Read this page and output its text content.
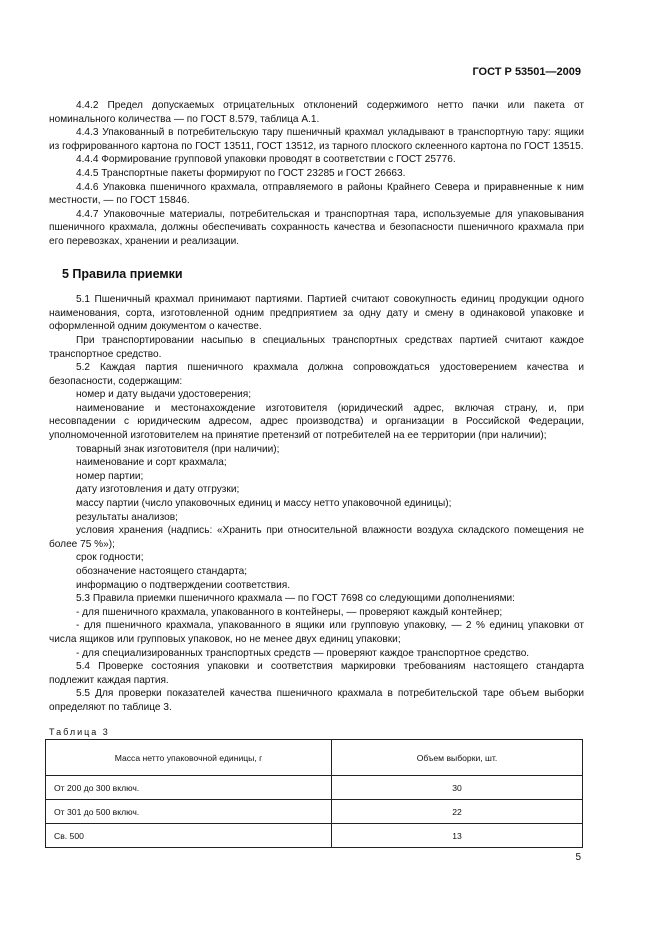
ГОСТ Р 53501—2009

4.4.2 Предел допускаемых отрицательных отклонений содержимого нетто пачки или пакета от номинального количества — по ГОСТ 8.579, таблица А.1.

4.4.3 Упакованный в потребительскую тару пшеничный крахмал укладывают в транспортную тару: ящики из гофрированного картона по ГОСТ 13511, ГОСТ 13512, из тарного плоского склеенного картона по ГОСТ 13515.

4.4.4 Формирование групповой упаковки проводят в соответствии с ГОСТ 25776.

4.4.5 Транспортные пакеты формируют по ГОСТ 23285 и ГОСТ 26663.

4.4.6 Упаковка пшеничного крахмала, отправляемого в районы Крайнего Севера и приравненные к ним местности, — по ГОСТ 15846.

4.4.7 Упаковочные материалы, потребительская и транспортная тара, используемые для упаковывания пшеничного крахмала, должны обеспечивать сохранность качества и безопасности пшеничного крахмала при его перевозках, хранении и реализации.

5 Правила приемки

5.1 Пшеничный крахмал принимают партиями. Партией считают совокупность единиц продукции одного наименования, сорта, изготовленной одним предприятием за одну дату и смену в одинаковой упаковке и оформленной одним документом о качестве.

При транспортировании насыпью в специальных транспортных средствах партией считают каждое транспортное средство.

5.2 Каждая партия пшеничного крахмала должна сопровождаться удостоверением качества и безопасности, содержащим:

номер и дату выдачи удостоверения;

наименование и местонахождение изготовителя (юридический адрес, включая страну, и, при несовпадении с юридическим адресом, адрес производства) и организации в Российской Федерации, уполномоченной изготовителем на принятие претензий от потребителей на ее территории (при наличии);

товарный знак изготовителя (при наличии);

наименование и сорт крахмала;

номер партии;

дату изготовления и дату отгрузки;

массу партии (число упаковочных единиц и массу нетто упаковочной единицы);

результаты анализов;

условия хранения (надпись: «Хранить при относительной влажности воздуха складского помещения не более 75 %»);

срок годности;

обозначение настоящего стандарта;

информацию о подтверждении соответствия.

5.3 Правила приемки пшеничного крахмала — по ГОСТ 7698 со следующими дополнениями:

- для пшеничного крахмала, упакованного в контейнеры, — проверяют каждый контейнер;

- для пшеничного крахмала, упакованного в ящики или групповую упаковку, — 2 % единиц упаковки от числа ящиков или групповых упаковок, но не менее двух единиц упаковки;

- для специализированных транспортных средств — проверяют каждое транспортное средство.

5.4 Проверке состояния упаковки и соответствия маркировки требованиям настоящего стандарта подлежит каждая партия.

5.5 Для проверки показателей качества пшеничного крахмала в потребительской таре объем выборки определяют по таблице 3.

Таблица 3
Масса нетто упаковочной единицы, г	Объем выборки, шт.
От 200 до 300 включ.	30
От 301 до 500 включ.	22
Св. 500	13
5
